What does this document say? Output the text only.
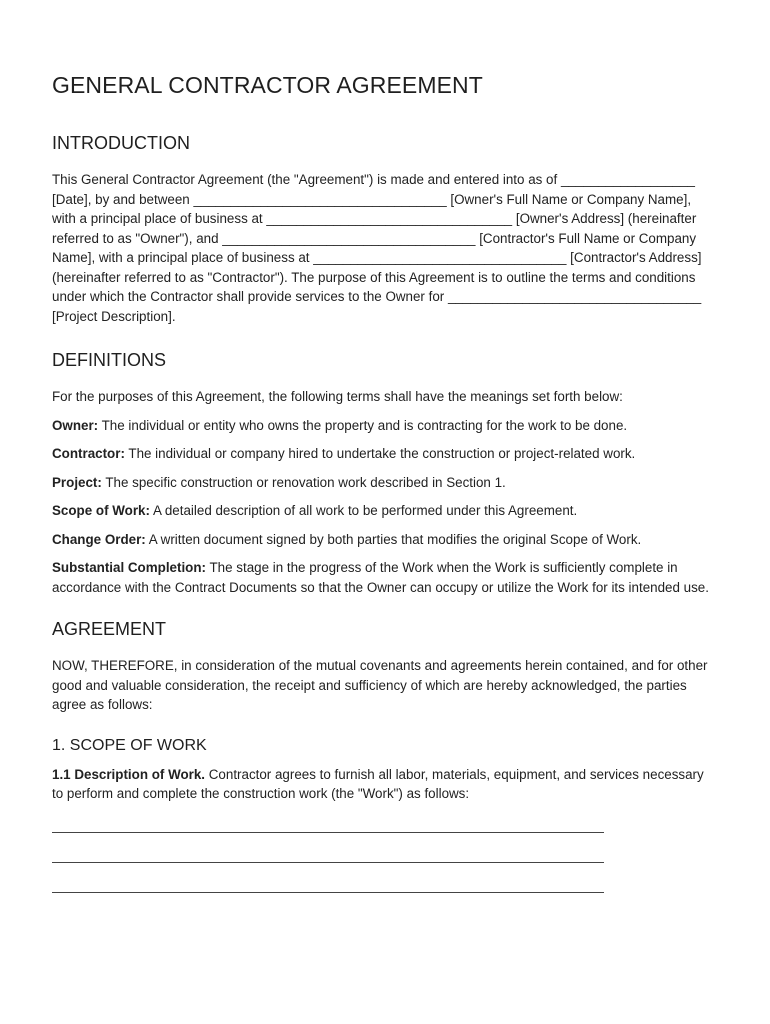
GENERAL CONTRACTOR AGREEMENT
INTRODUCTION

This General Contractor Agreement (the "Agreement") is made and entered into as of __________________ [Date], by and between __________________________________ [Owner's Full Name or Company Name], with a principal place of business at _________________________________ [Owner's Address] (hereinafter referred to as "Owner"), and __________________________________ [Contractor's Full Name or Company Name], with a principal place of business at __________________________________ [Contractor's Address] (hereinafter referred to as "Contractor"). The purpose of this Agreement is to outline the terms and conditions under which the Contractor shall provide services to the Owner for __________________________________ [Project Description].

DEFINITIONS

For the purposes of this Agreement, the following terms shall have the meanings set forth below:

Owner: The individual or entity who owns the property and is contracting for the work to be done.

Contractor: The individual or company hired to undertake the construction or project-related work.

Project: The specific construction or renovation work described in Section 1.

Scope of Work: A detailed description of all work to be performed under this Agreement.

Change Order: A written document signed by both parties that modifies the original Scope of Work.

Substantial Completion: The stage in the progress of the Work when the Work is sufficiently complete in accordance with the Contract Documents so that the Owner can occupy or utilize the Work for its intended use.

AGREEMENT

NOW, THEREFORE, in consideration of the mutual covenants and agreements herein contained, and for other good and valuable consideration, the receipt and sufficiency of which are hereby acknowledged, the parties agree as follows:

1. SCOPE OF WORK

1.1 Description of Work. Contractor agrees to furnish all labor, materials, equipment, and services necessary to perform and complete the construction work (the "Work") as follows:
